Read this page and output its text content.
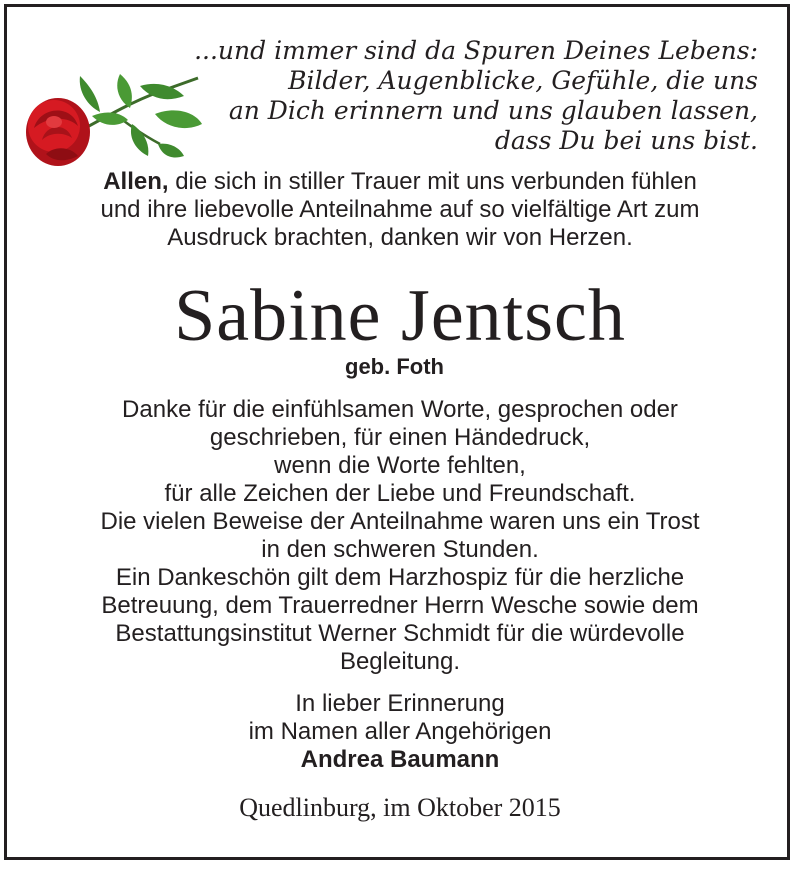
...und immer sind da Spuren Deines Lebens:
Bilder, Augenblicke, Gefühle, die uns
an Dich erinnern und uns glauben lassen,
dass Du bei uns bist.
Allen, die sich in stiller Trauer mit uns verbunden fühlen
und ihre liebevolle Anteilnahme auf so vielfältige Art zum
Ausdruck brachten, danken wir von Herzen.
Sabine Jentsch
geb. Foth
Danke für die einfühlsamen Worte, gesprochen oder
geschrieben, für einen Händedruck,
wenn die Worte fehlten,
für alle Zeichen der Liebe und Freundschaft.
Die vielen Beweise der Anteilnahme waren uns ein Trost
in den schweren Stunden.
Ein Dankeschön gilt dem Harzhospiz für die herzliche
Betreuung, dem Trauerredner Herrn Wesche sowie dem
Bestattungsinstitut Werner Schmidt für die würdevolle
Begleitung.
In lieber Erinnerung
im Namen aller Angehörigen
Andrea Baumann
Quedlinburg, im Oktober 2015
